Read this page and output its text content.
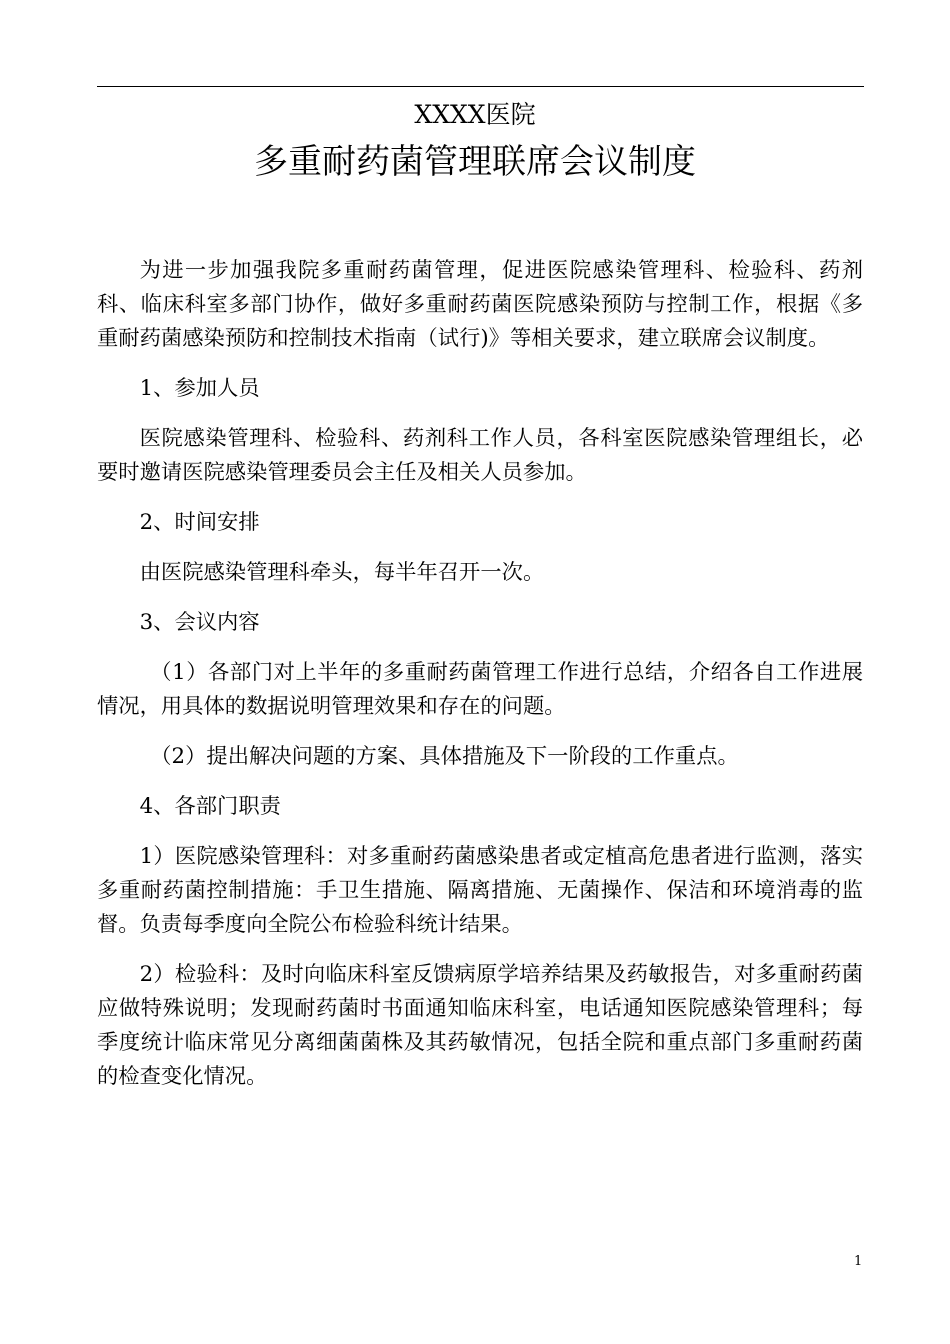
XXXX医院
多重耐药菌管理联席会议制度

为进一步加强我院多重耐药菌管理，促进医院感染管理科、检验科、药剂科、临床科室多部门协作，做好多重耐药菌医院感染预防与控制工作，根据《多重耐药菌感染预防和控制技术指南（试行)》等相关要求，建立联席会议制度。

1、参加人员

医院感染管理科、检验科、药剂科工作人员，各科室医院感染管理组长，必要时邀请医院感染管理委员会主任及相关人员参加。

2、时间安排

由医院感染管理科牵头，每半年召开一次。

3、会议内容

（1）各部门对上半年的多重耐药菌管理工作进行总结，介绍各自工作进展情况，用具体的数据说明管理效果和存在的问题。

（2）提出解决问题的方案、具体措施及下一阶段的工作重点。

4、各部门职责

1）医院感染管理科：对多重耐药菌感染患者或定植高危患者进行监测，落实多重耐药菌控制措施：手卫生措施、隔离措施、无菌操作、保洁和环境消毒的监督。负责每季度向全院公布检验科统计结果。

2）检验科：及时向临床科室反馈病原学培养结果及药敏报告，对多重耐药菌应做特殊说明；发现耐药菌时书面通知临床科室，电话通知医院感染管理科；每季度统计临床常见分离细菌菌株及其药敏情况，包括全院和重点部门多重耐药菌的检查变化情况。

1
